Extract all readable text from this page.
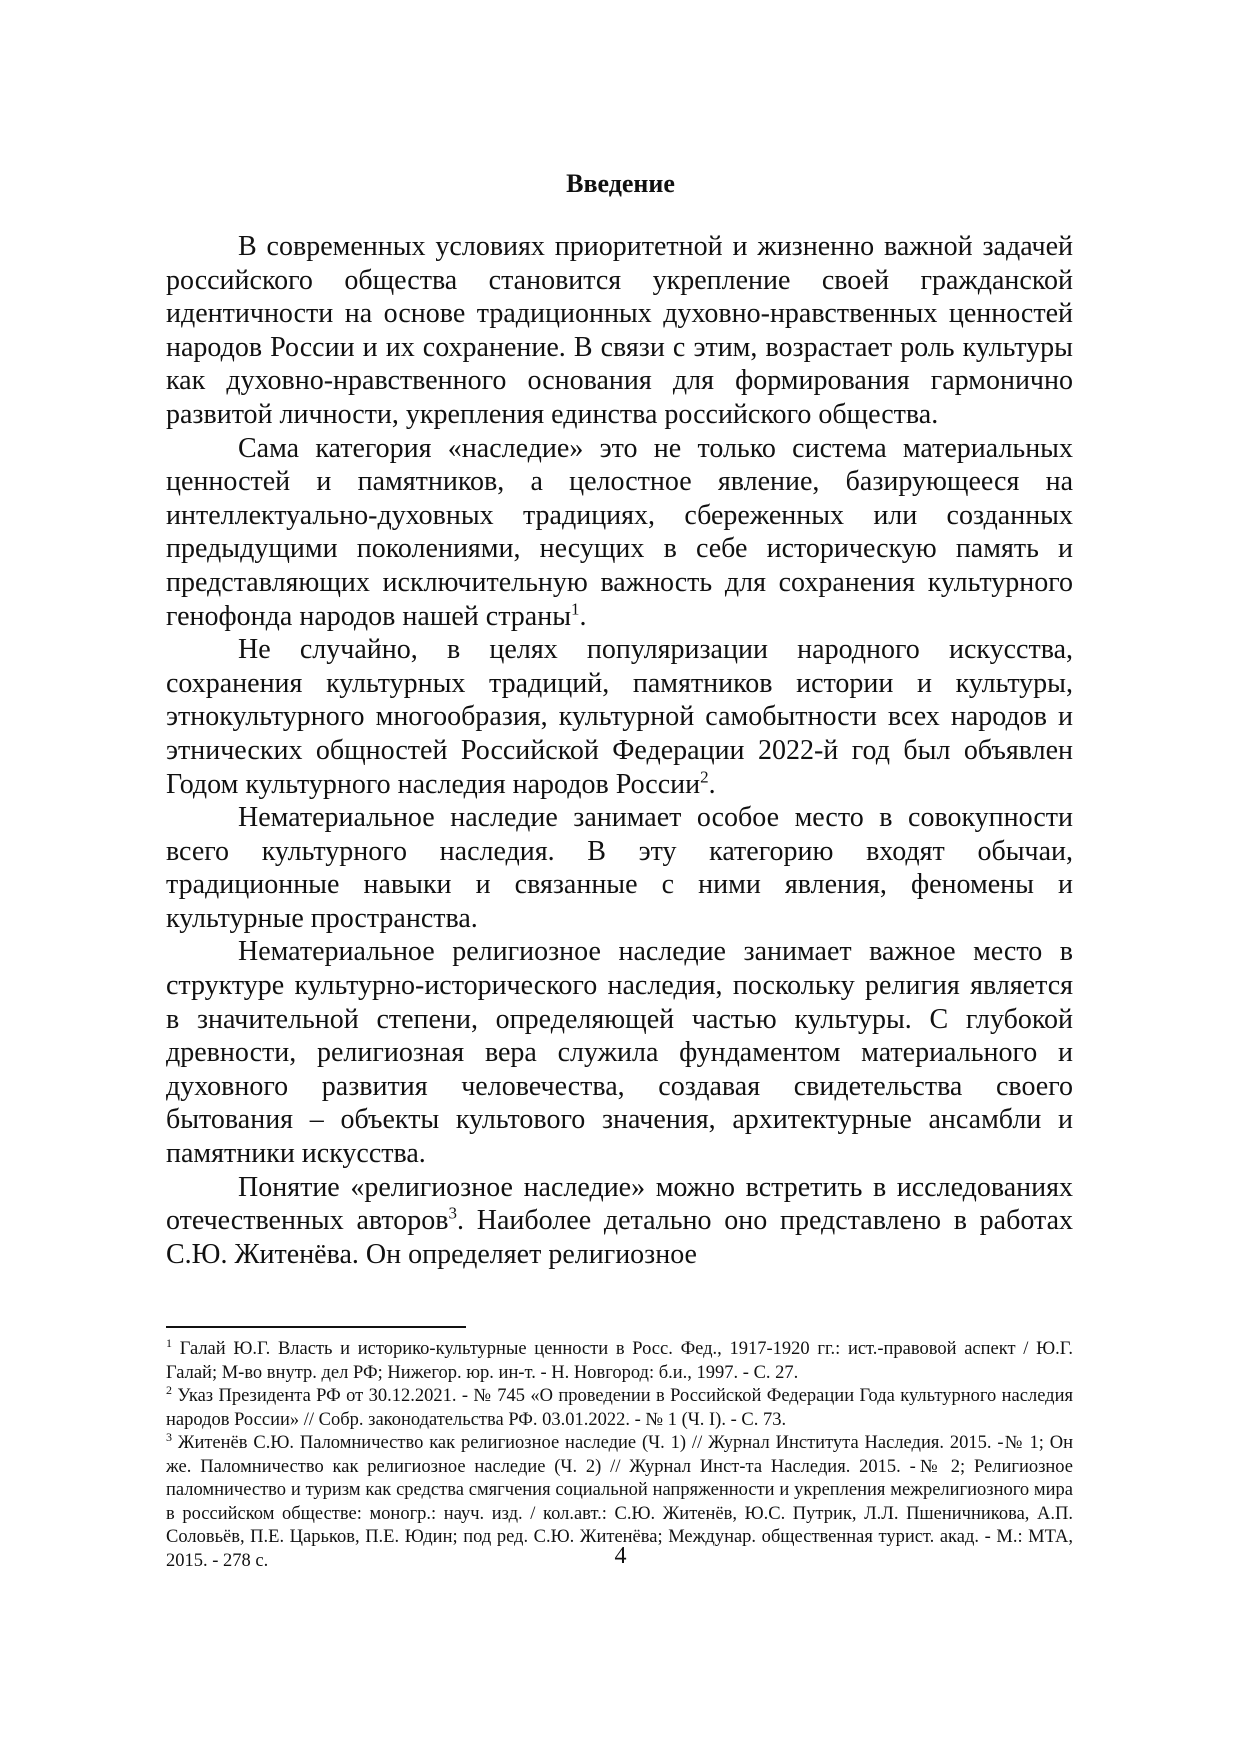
Введение

В современных условиях приоритетной и жизненно важной задачей российского общества становится укрепление своей гражданской идентичности на основе традиционных духовно-нравственных ценностей народов России и их сохранение. В связи с этим, возрастает роль культуры как духовно-нравственного основания для формирования гармонично развитой личности, укрепления единства российского общества.

Сама категория «наследие» это не только система материальных ценностей и памятников, а целостное явление, базирующееся на интеллектуально-духовных традициях, сбереженных или созданных предыдущими поколениями, несущих в себе историческую память и представляющих исключительную важность для сохранения культурного генофонда народов нашей страны$^1$.

Не случайно, в целях популяризации народного искусства, сохранения культурных традиций, памятников истории и культуры, этнокультурного многообразия, культурной самобытности всех народов и этнических общностей Российской Федерации 2022-й год был объявлен Годом культурного наследия народов России$^2$.

Нематериальное наследие занимает особое место в совокупности всего культурного наследия. В эту категорию входят обычаи, традиционные навыки и связанные с ними явления, феномены и культурные пространства.

Нематериальное религиозное наследие занимает важное место в структуре культурно-исторического наследия, поскольку религия является в значительной степени, определяющей частью культуры. С глубокой древности, религиозная вера служила фундаментом материального и духовного развития человечества, создавая свидетельства своего бытования – объекты культового значения, архитектурные ансамбли и памятники искусства.

Понятие «религиозное наследие» можно встретить в исследованиях отечественных авторов$^3$. Наиболее детально оно представлено в работах С.Ю. Житенёва. Он определяет религиозное

$^1$ Галай Ю.Г. Власть и историко-культурные ценности в Росс. Фед., 1917-1920 гг.: ист.-правовой аспект / Ю.Г. Галай; М-во внутр. дел РФ; Нижегор. юр. ин-т. - Н. Новгород: б.и., 1997. - С. 27.

$^2$ Указ Президента РФ от 30.12.2021. - № 745 «О проведении в Российской Федерации Года культурного наследия народов России» // Собр. законодательства РФ. 03.01.2022. - № 1 (Ч. I). - С. 73.

$^3$ Житенёв С.Ю. Паломничество как религиозное наследие (Ч. 1) // Журнал Института Наследия. 2015. -№ 1; Он же. Паломничество как религиозное наследие (Ч. 2) // Журнал Инст-та Наследия. 2015. -№ 2; Религиозное паломничество и туризм как средства смягчения социальной напряженности и укрепления межрелигиозного мира в российском обществе: моногр.: науч. изд. / кол.авт.: С.Ю. Житенёв, Ю.С. Путрик, Л.Л. Пшеничникова, А.П. Соловьёв, П.Е. Царьков, П.Е. Юдин; под ред. С.Ю. Житенёва; Междунар. общественная турист. акад. - М.: МТА, 2015. - 278 с.	4
